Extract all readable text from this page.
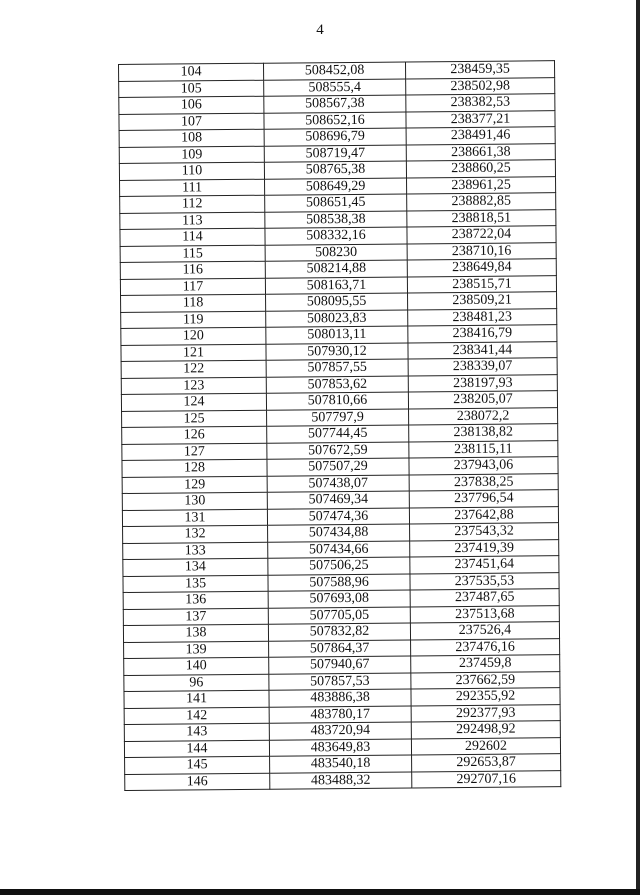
4
104	508452,08	238459,35
105	508555,4	238502,98
106	508567,38	238382,53
107	508652,16	238377,21
108	508696,79	238491,46
109	508719,47	238661,38
110	508765,38	238860,25
111	508649,29	238961,25
112	508651,45	238882,85
113	508538,38	238818,51
114	508332,16	238722,04
115	508230	238710,16
116	508214,88	238649,84
117	508163,71	238515,71
118	508095,55	238509,21
119	508023,83	238481,23
120	508013,11	238416,79
121	507930,12	238341,44
122	507857,55	238339,07
123	507853,62	238197,93
124	507810,66	238205,07
125	507797,9	238072,2
126	507744,45	238138,82
127	507672,59	238115,11
128	507507,29	237943,06
129	507438,07	237838,25
130	507469,34	237796,54
131	507474,36	237642,88
132	507434,88	237543,32
133	507434,66	237419,39
134	507506,25	237451,64
135	507588,96	237535,53
136	507693,08	237487,65
137	507705,05	237513,68
138	507832,82	237526,4
139	507864,37	237476,16
140	507940,67	237459,8
96	507857,53	237662,59
141	483886,38	292355,92
142	483780,17	292377,93
143	483720,94	292498,92
144	483649,83	292602
145	483540,18	292653,87
146	483488,32	292707,16
